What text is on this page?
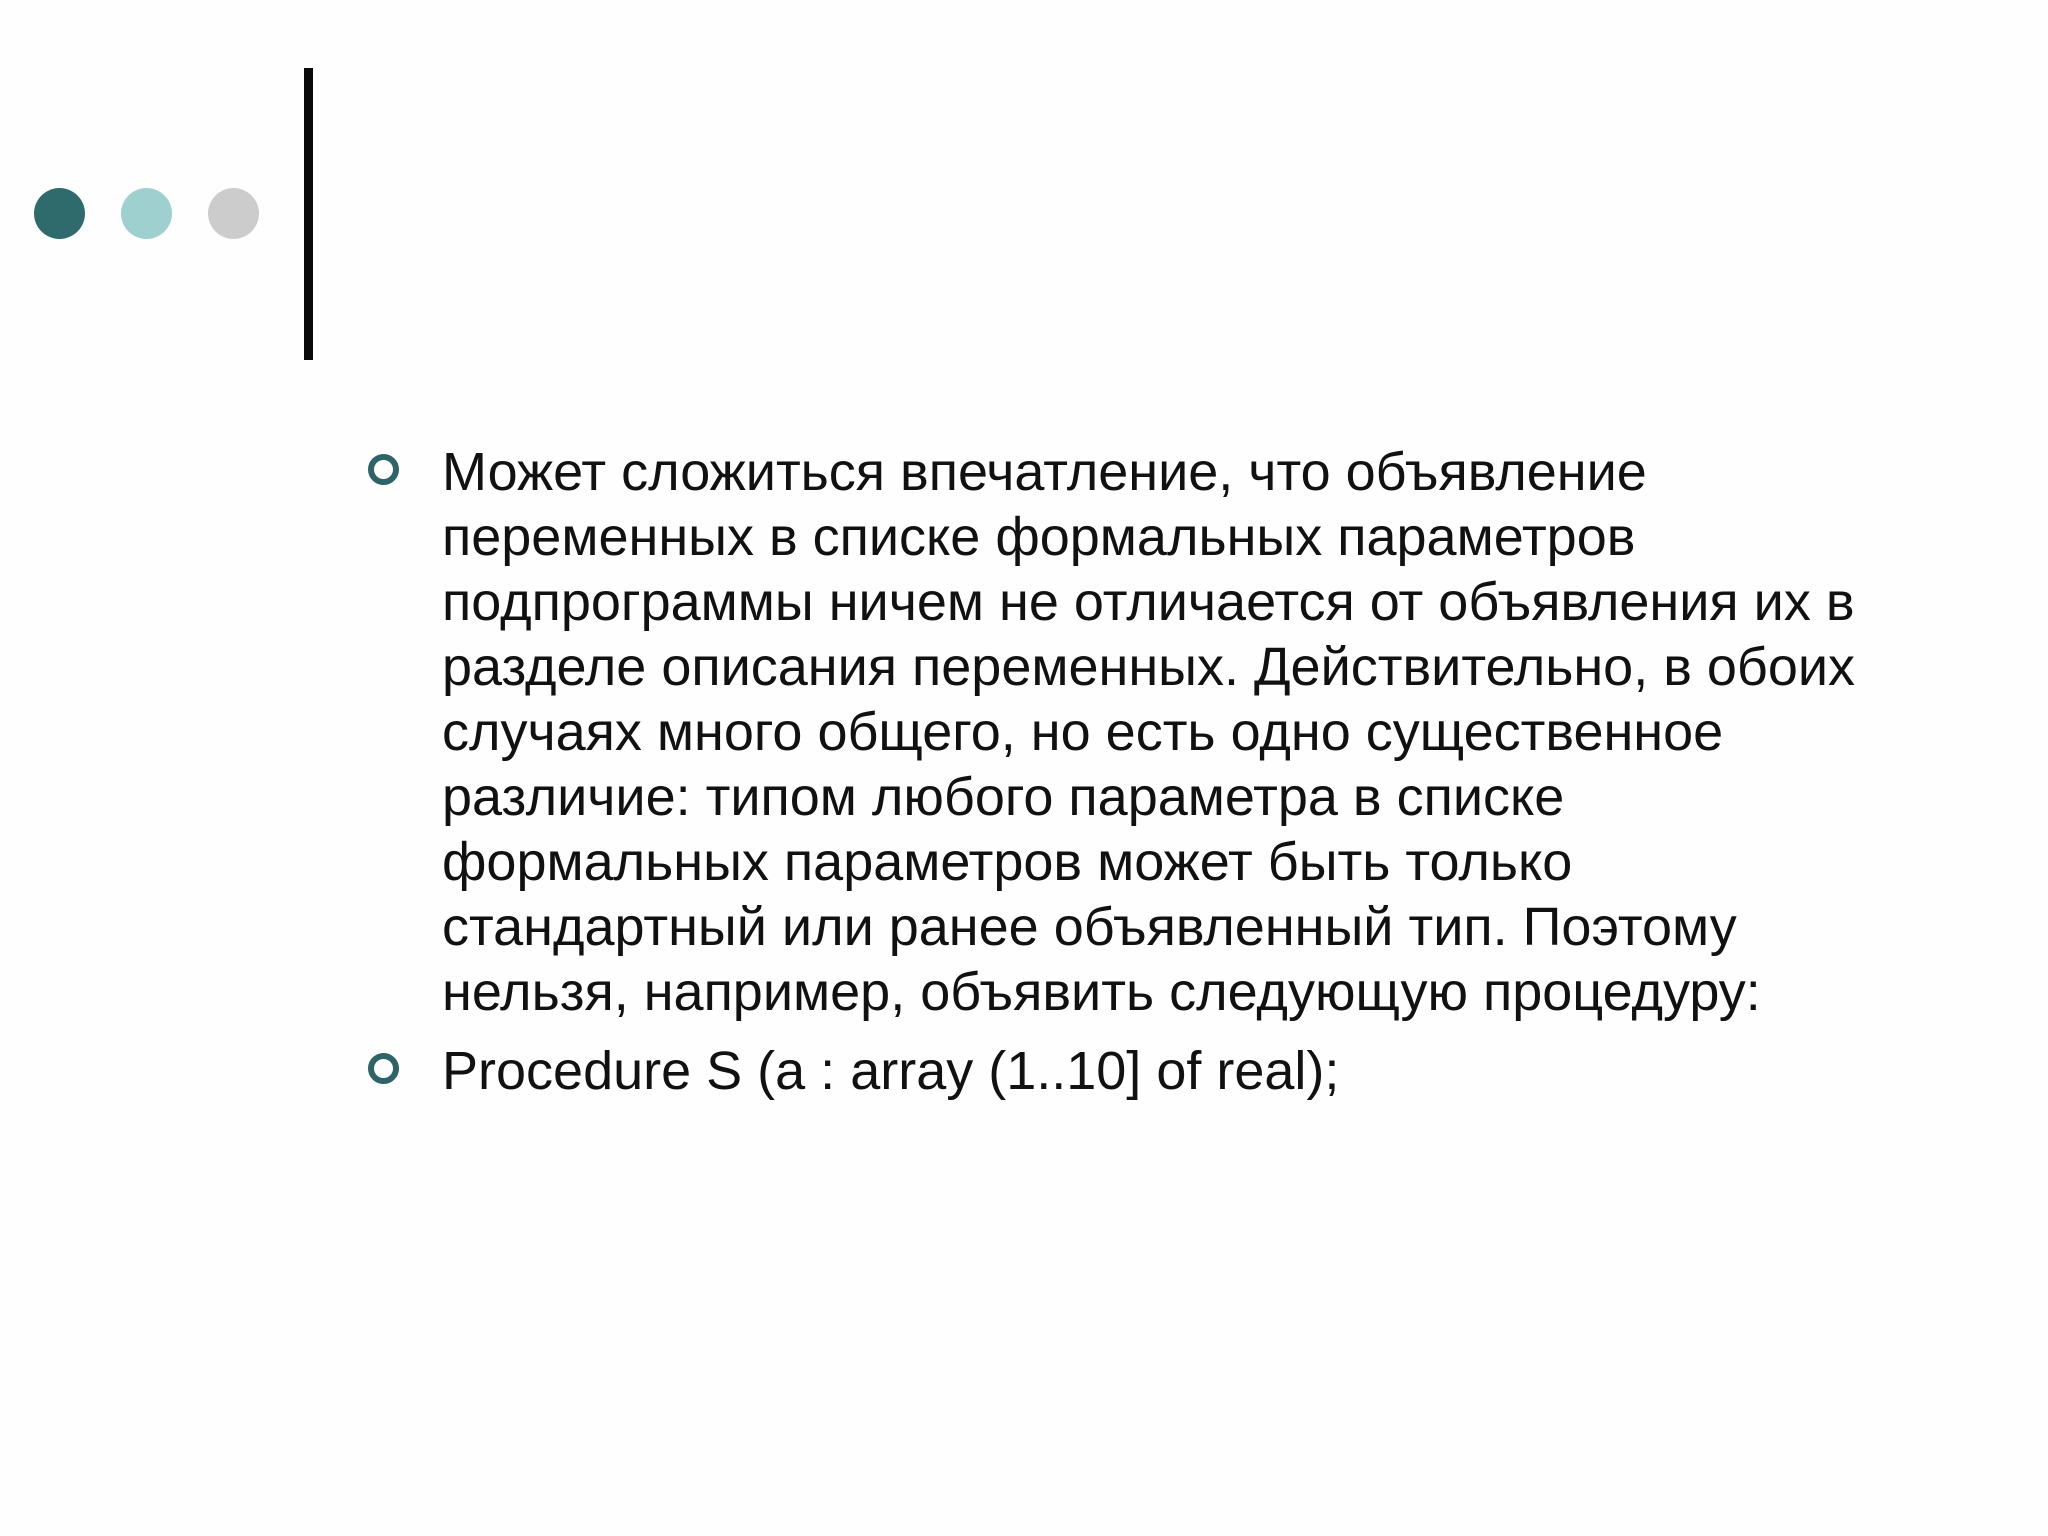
Может сложиться впечатление, что объявление переменных в списке формальных параметров подпрограммы ничем не отличается от объявления их в разделе описания переменных. Действительно, в обоих случаях много общего, но есть одно существенное различие: типом любого параметра в списке формальных параметров может быть только стандартный или ранее объявленный тип. Поэтому нельзя, например, объявить следующую процедуру:
Procedure S (a : array (1..10] of real);
